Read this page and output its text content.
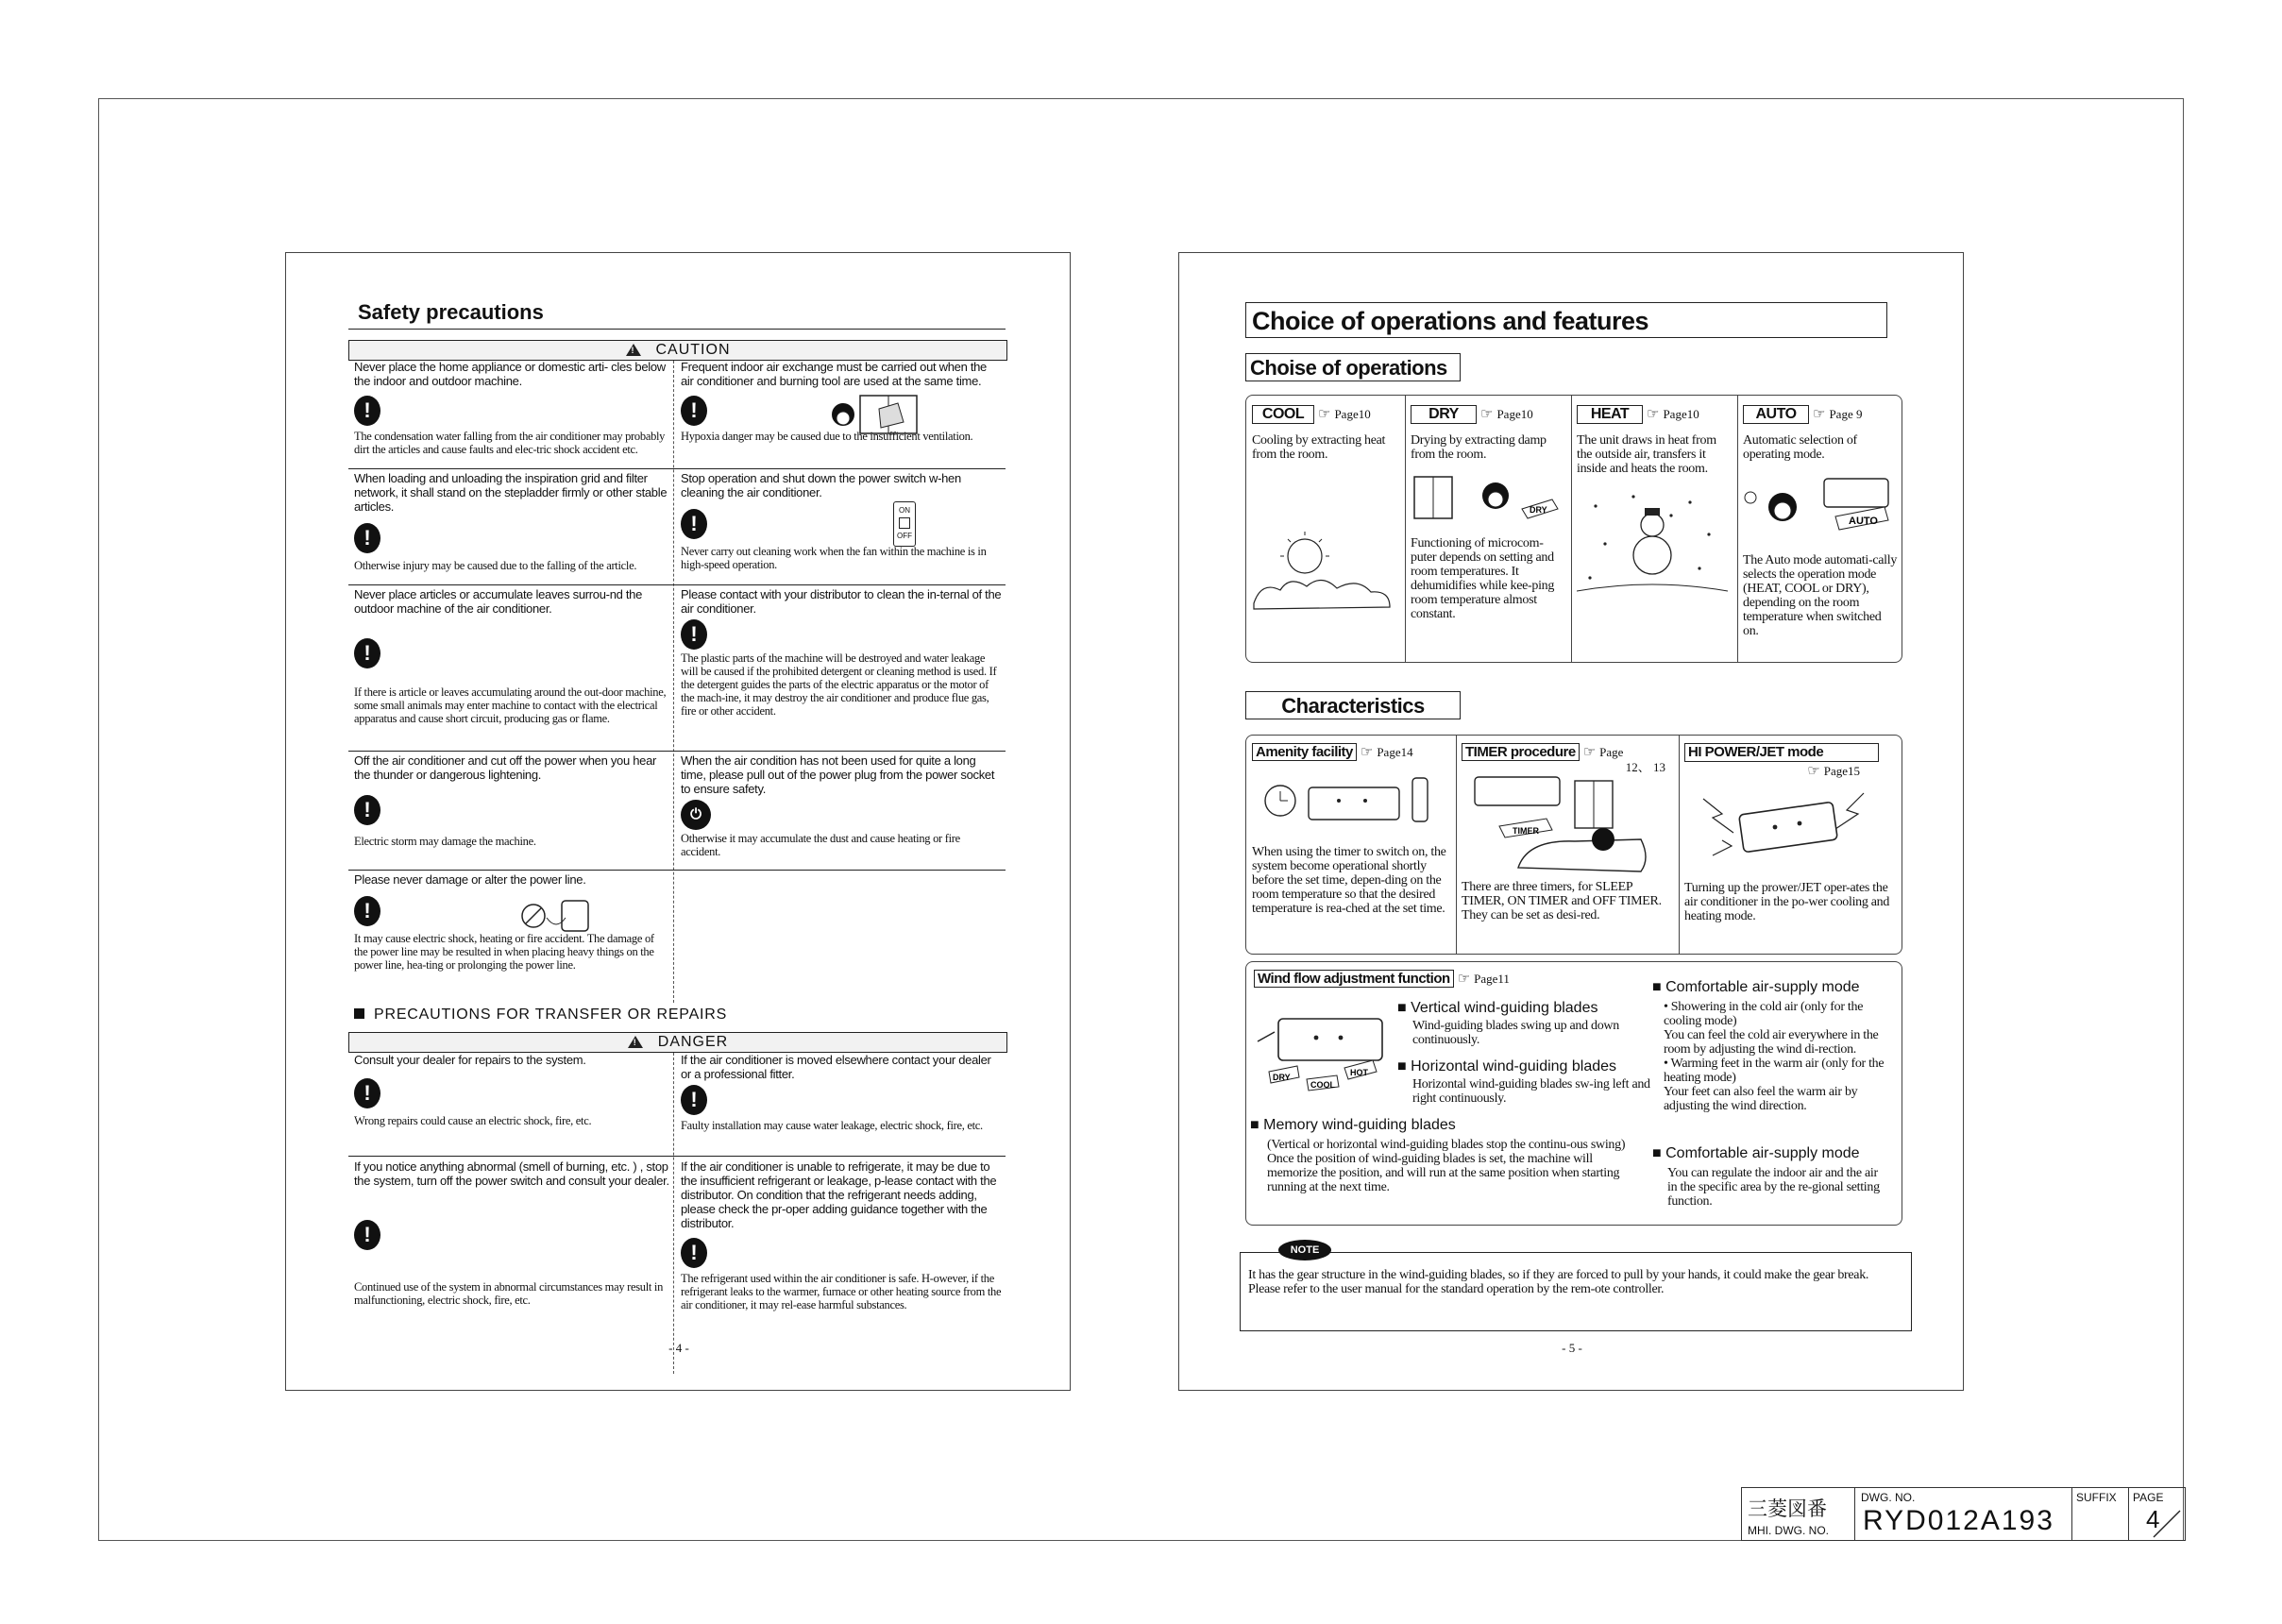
Safety precautions
!CAUTION
Never place the home appliance or domestic arti- cles below the indoor and outdoor machine.
!
The condensation water falling from the air conditioner may probably dirt the articles and cause faults and elec-tric shock accident etc.
Frequent indoor air exchange must be carried out when the air conditioner and burning tool are used at the same time.
!
Hypoxia danger may be caused due to the insufficient ventilation.
When loading and unloading the inspiration grid and filter network, it shall stand on the stepladder firmly or other stable articles.
!
Otherwise injury may be caused due to the falling of the article.
Stop operation and shut down the power switch w-hen cleaning the air conditioner.
!
ON
OFF
Never carry out cleaning work when the fan within the machine is in high-speed operation.
Never place articles or accumulate leaves surrou-nd the outdoor machine of the air conditioner.
!
If there is article or leaves accumulating around the out-door machine, some small animals may enter machine to contact with the electrical apparatus and cause short circuit, producing gas or flame.
Please contact with your distributor to clean the in-ternal of the air conditioner.
!
The plastic parts of the machine will be destroyed and water leakage will be caused if the prohibited detergent or cleaning method is used. If the detergent guides the parts of the electric apparatus or the motor of the mach-ine, it may destroy the air conditioner and produce flue gas, fire or other accident.
Off the air conditioner and cut off the power when you hear the thunder or dangerous lightening.
!
Electric storm may damage the machine.
When the air condition has not been used for quite a long time, please pull out of the power plug from the power socket to ensure safety.
⏻
Otherwise it may accumulate the dust and cause heating or fire accident.
Please never damage or alter the power line.
!
It may cause electric shock, heating or fire accident. The damage of the power line may be resulted in when placing heavy things on the power line, hea-ting or prolonging the power line.
PRECAUTIONS FOR TRANSFER OR REPAIRS
!DANGER
Consult your dealer for repairs to the system.
!
Wrong repairs could cause an electric shock, fire, etc.
If the air conditioner is moved elsewhere contact your dealer or a professional fitter.
!
Faulty installation may cause water leakage, electric shock, fire, etc.
If you notice anything abnormal (smell of burning, etc. ) , stop the system, turn off the power switch and consult your dealer.
!
Continued use of the system in abnormal circumstances may result in malfunctioning, electric shock, fire, etc.
If the air conditioner is unable to refrigerate, it may be due to the insufficient refrigerant or leakage, p-lease contact with the distributor. On condition that the refrigerant needs adding, please check the pr-oper adding guidance together with the distributor.
!
The refrigerant used within the air conditioner is safe. H-owever, if the refrigerant leaks to the warmer, furnace or other heating source from the air conditioner, it may rel-ease harmful substances.
- 4 -
Choice of operations and features
Choise of operations
COOL ☞ Page10
Cooling by extracting heat from the room.
DRY ☞ Page10
Drying by extracting damp from the room.
DRY
Functioning of microcom-puter depends on setting and room temperatures. It dehumidifies while kee-ping room temperature almost constant.
HEAT ☞ Page10
The unit draws in heat from the outside air, transfers it inside and heats the room.
AUTO ☞ Page 9
Automatic selection of operating mode.
AUTO
The Auto mode automati-cally selects the operation mode (HEAT, COOL or DRY), depending on the room temperature when switched on.
Characteristics
Amenity facility ☞ Page14
When using the timer to switch on, the system become operational shortly before the set time, depen-ding on the room temperature so that the desired temperature is rea-ched at the set time.
TIMER procedure ☞ Page
12、 13
TIMER
There are three timers, for SLEEP TIMER, ON TIMER and OFF TIMER. They can be set as desi-red.
HI POWER/JET mode
☞ Page15
Turning up the prower/JET oper-ates the air conditioner in the po-wer cooling and heating mode.
Wind flow adjustment function ☞ Page11
DRY
COOL
HOT
■ Vertical wind-guiding blades
Wind-guiding blades swing up and down continuously.
■ Horizontal wind-guiding blades
Horizontal wind-guiding blades sw-ing left and right continuously.
■ Memory wind-guiding blades
(Vertical or horizontal wind-guiding blades stop the continu-ous swing) Once the position of wind-guiding blades is set, the machine will memorize the position, and will run at the same position when starting running at the next time.
■ Comfortable air-supply mode
• Showering in the cold air (only for the cooling mode)
You can feel the cold air everywhere in the room by adjusting the wind di-rection.
• Warming feet in the warm air (only for the heating mode)
Your feet can also feel the warm air by adjusting the wind direction.
■ Comfortable air-supply mode
You can regulate the indoor air and the air in the specific area by the re-gional setting function.
NOTE
It has the gear structure in the wind-guiding blades, so if they are forced to pull by your hands, it could make the gear break. Please refer to the user manual for the standard operation by the rem-ote controller.
- 5 -
三菱図番
MHI. DWG. NO.
DWG. NO.
RYD012A193
SUFFIX PAGE
4
